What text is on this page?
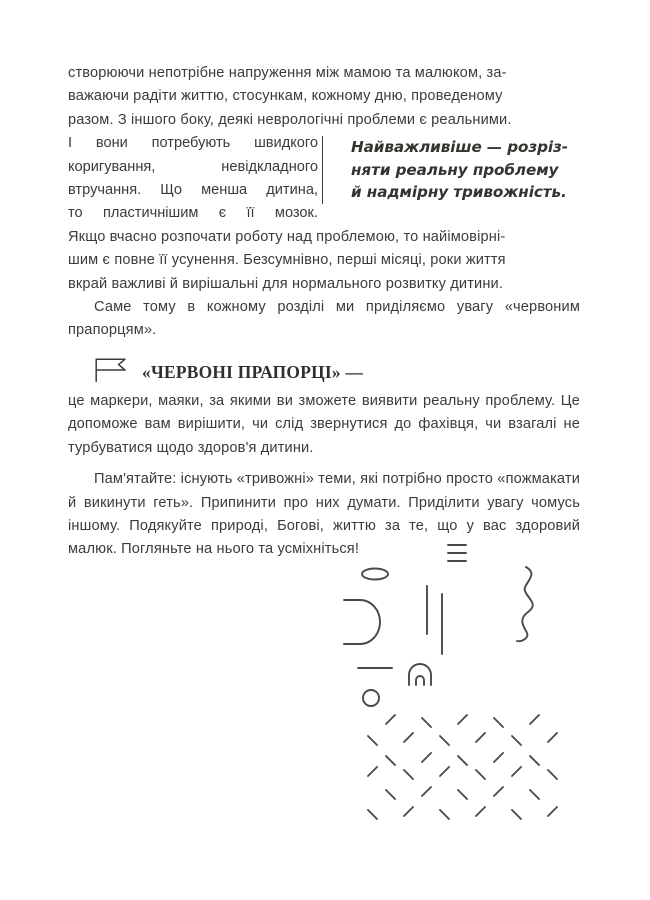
створюючи непотрібне напруження між мамою та малюком, за-
важаючи радіти життю, стосункам, кожному дню, проведеному
разом. З іншого боку, деякі неврологічні проблеми є реальними.

Найважливіше — розріз-

няти реальну проблему

й надмірну тривожність.

І вони потребують швидкого
коригування, невідкладного
втручання. Що менша дитина,
то пластичнішим є її мозок.

Якщо вчасно розпочати роботу над проблемою, то найімовірні-
шим є повне її усунення. Безсумнівно, перші місяці, роки життя
вкрай важливі й вирішальні для нормального розвитку дитини.

Саме тому в кожному розділі ми приділяємо увагу «червоним прапорцям».

«ЧЕРВОНІ ПРАПОРЦІ» —

це маркери, маяки, за якими ви зможете виявити реальну проблему. Це допоможе вам вирішити, чи слід звернутися до фахівця, чи взагалі не турбуватися щодо здоров'я дитини.

Пам'ятайте: існують «тривожні» теми, які потрібно просто «пожмакати й викинути геть». Припинити про них думати. Приділити увагу чомусь іншому. Подякуйте природі, Богові, життю за те, що у вас здоровий малюк. Погляньте на нього та усміхніться!
